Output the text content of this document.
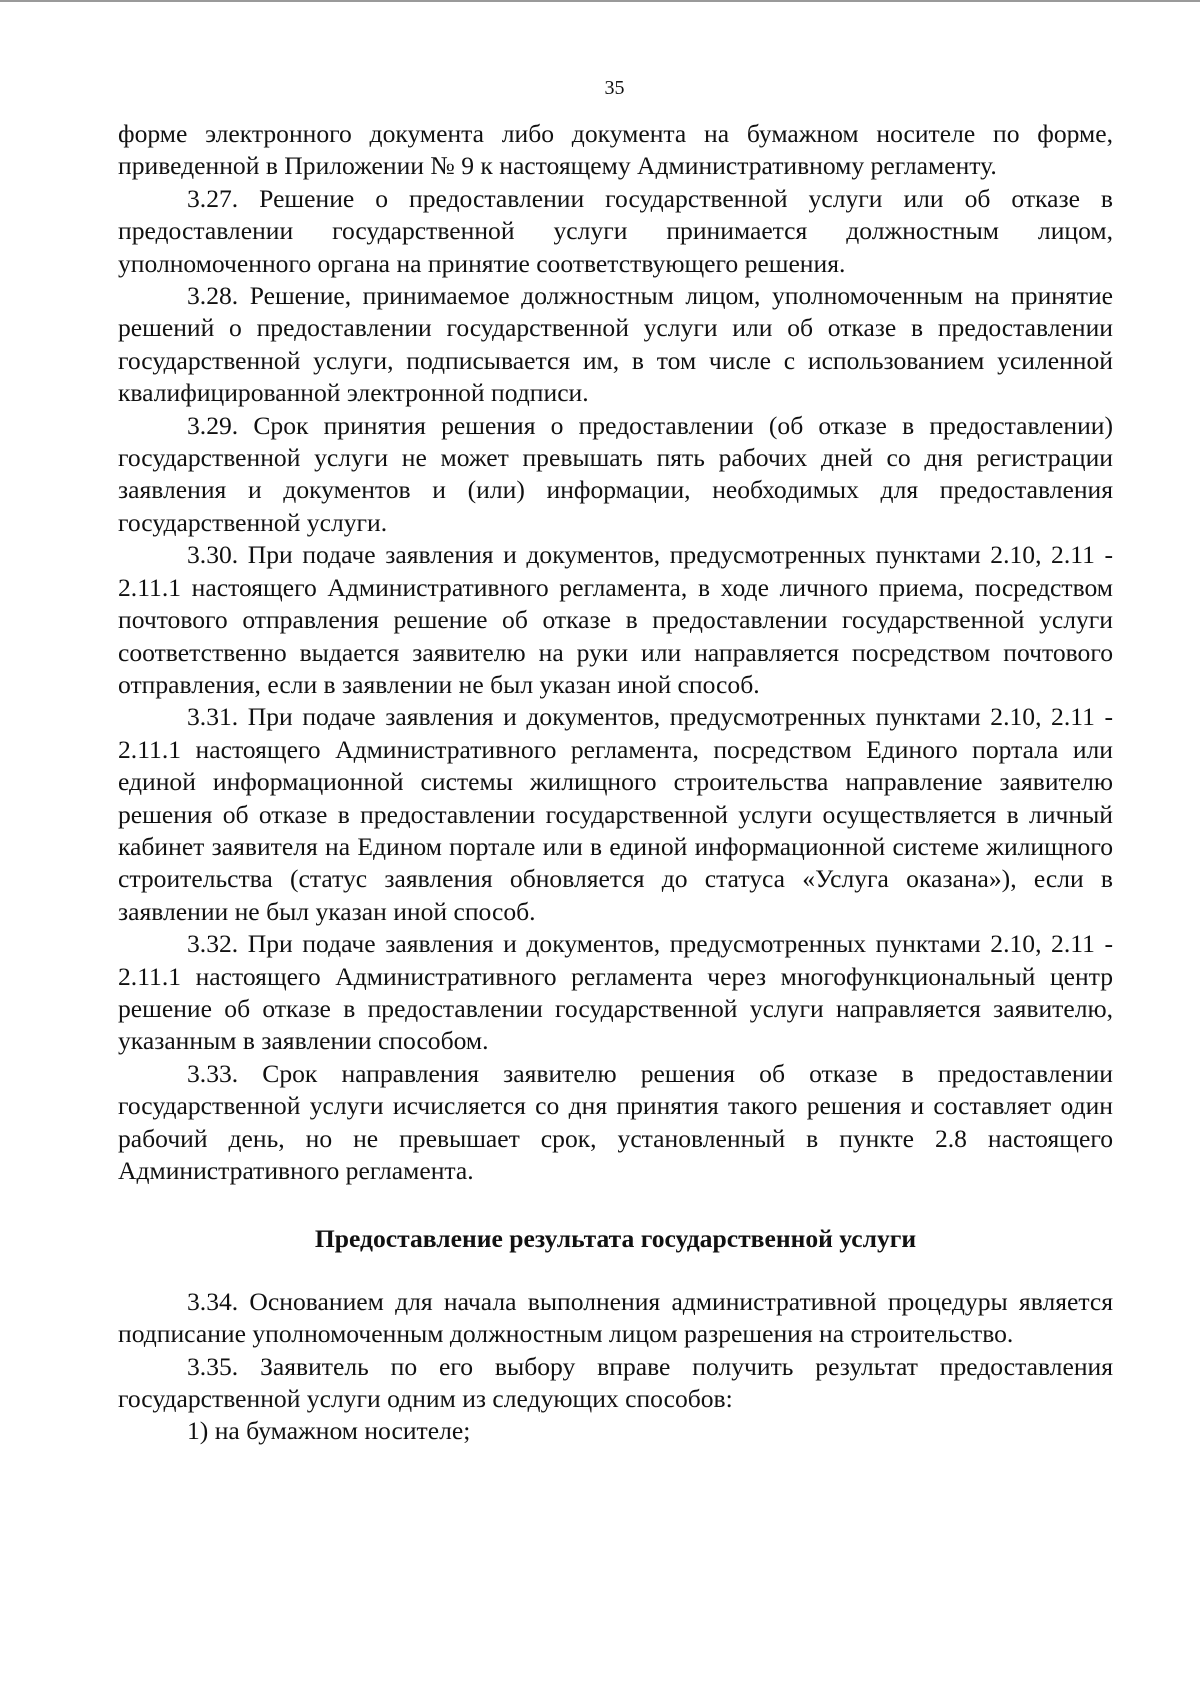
35

форме электронного документа либо документа на бумажном носителе по форме, приведенной в Приложении № 9 к настоящему Административному регламенту.

3.27. Решение о предоставлении государственной услуги или об отказе в предоставлении государственной услуги принимается должностным лицом, уполномоченного органа на принятие соответствующего решения.

3.28. Решение, принимаемое должностным лицом, уполномоченным на принятие решений о предоставлении государственной услуги или об отказе в предоставлении государственной услуги, подписывается им, в том числе с использованием усиленной квалифицированной электронной подписи.

3.29. Срок принятия решения о предоставлении (об отказе в предоставлении) государственной услуги не может превышать пять рабочих дней со дня регистрации заявления и документов и (или) информации, необходимых для предоставления государственной услуги.

3.30. При подаче заявления и документов, предусмотренных пунктами 2.10, 2.11 - 2.11.1 настоящего Административного регламента, в ходе личного приема, посредством почтового отправления решение об отказе в предоставлении государственной услуги соответственно выдается заявителю на руки или направляется посредством почтового отправления, если в заявлении не был указан иной способ.

3.31. При подаче заявления и документов, предусмотренных пунктами 2.10, 2.11 - 2.11.1 настоящего Административного регламента, посредством Единого портала или единой информационной системы жилищного строительства направление заявителю решения об отказе в предоставлении государственной услуги осуществляется в личный кабинет заявителя на Едином портале или в единой информационной системе жилищного строительства (статус заявления обновляется до статуса «Услуга оказана»), если в заявлении не был указан иной способ.

3.32. При подаче заявления и документов, предусмотренных пунктами 2.10, 2.11 - 2.11.1 настоящего Административного регламента через многофункциональный центр решение об отказе в предоставлении государственной услуги направляется заявителю, указанным в заявлении способом.

3.33. Срок направления заявителю решения об отказе в предоставлении государственной услуги исчисляется со дня принятия такого решения и составляет один рабочий день, но не превышает срок, установленный в пункте 2.8 настоящего Административного регламента.

Предоставление результата государственной услуги

3.34. Основанием для начала выполнения административной процедуры является подписание уполномоченным должностным лицом разрешения на строительство.

3.35. Заявитель по его выбору вправе получить результат предоставления государственной услуги одним из следующих способов:

1) на бумажном носителе;
